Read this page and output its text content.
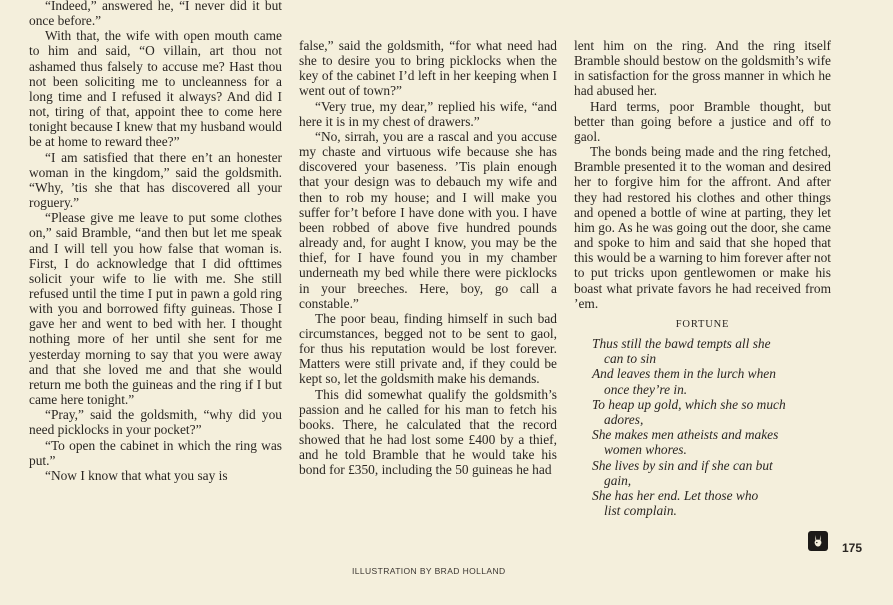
“Indeed,” answered he, “I never did it but once before.”

With that, the wife with open mouth came to him and said, “O villain, art thou not ashamed thus falsely to accuse me? Hast thou not been soliciting me to uncleanness for a long time and I refused it always? And did I not, tiring of that, appoint thee to come here tonight because I knew that my husband would be at home to reward thee?”

“I am satisfied that there en’t an honester woman in the kingdom,” said the goldsmith. “Why, ’tis she that has discovered all your roguery.”

“Please give me leave to put some clothes on,” said Bramble, “and then but let me speak and I will tell you how false that woman is. First, I do acknowledge that I did ofttimes solicit your wife to lie with me. She still refused until the time I put in pawn a gold ring with you and borrowed fifty guineas. Those I gave her and went to bed with her. I thought nothing more of her until she sent for me yesterday morning to say that you were away and that she loved me and that she would return me both the guineas and the ring if I but came here tonight.”

“Pray,” said the goldsmith, “why did you need picklocks in your pocket?”

“To open the cabinet in which the ring was put.”

“Now I know that what you say is

false,” said the goldsmith, “for what need had she to desire you to bring picklocks when the key of the cabinet I’d left in her keeping when I went out of town?”

“Very true, my dear,” replied his wife, “and here it is in my chest of drawers.”

“No, sirrah, you are a rascal and you accuse my chaste and virtuous wife because she has discovered your baseness. ’Tis plain enough that your design was to debauch my wife and then to rob my house; and I will make you suffer for’t before I have done with you. I have been robbed of above five hundred pounds already and, for aught I know, you may be the thief, for I have found you in my chamber underneath my bed while there were picklocks in your breeches. Here, boy, go call a constable.”

The poor beau, finding himself in such bad circumstances, begged not to be sent to gaol, for thus his reputation would be lost forever. Matters were still private and, if they could be kept so, let the goldsmith make his demands.

This did somewhat qualify the goldsmith’s passion and he called for his man to fetch his books. There, he calculated that the record showed that he had lost some £400 by a thief, and he told Bramble that he would take his bond for £350, including the 50 guineas he had

lent him on the ring. And the ring itself Bramble should bestow on the goldsmith’s wife in satisfaction for the gross manner in which he had abused her.

Hard terms, poor Bramble thought, but better than going before a justice and off to gaol.

The bonds being made and the ring fetched, Bramble presented it to the woman and desired her to forgive him for the affront. And after they had restored his clothes and other things and opened a bottle of wine at parting, they let him go. As he was going out the door, she came and spoke to him and said that she hoped that this would be a warning to him forever after not to put tricks upon gentlewomen or make his boast what private favors he had received from ’em.

FORTUNE
Thus still the bawd tempts all she
can to sin
And leaves them in the lurch when
once they’re in.
To heap up gold, which she so much
adores,
She makes men atheists and makes
women whores.
She lives by sin and if she can but
gain,
She has her end. Let those who
list complain.
175
ILLUSTRATION BY BRAD HOLLAND
